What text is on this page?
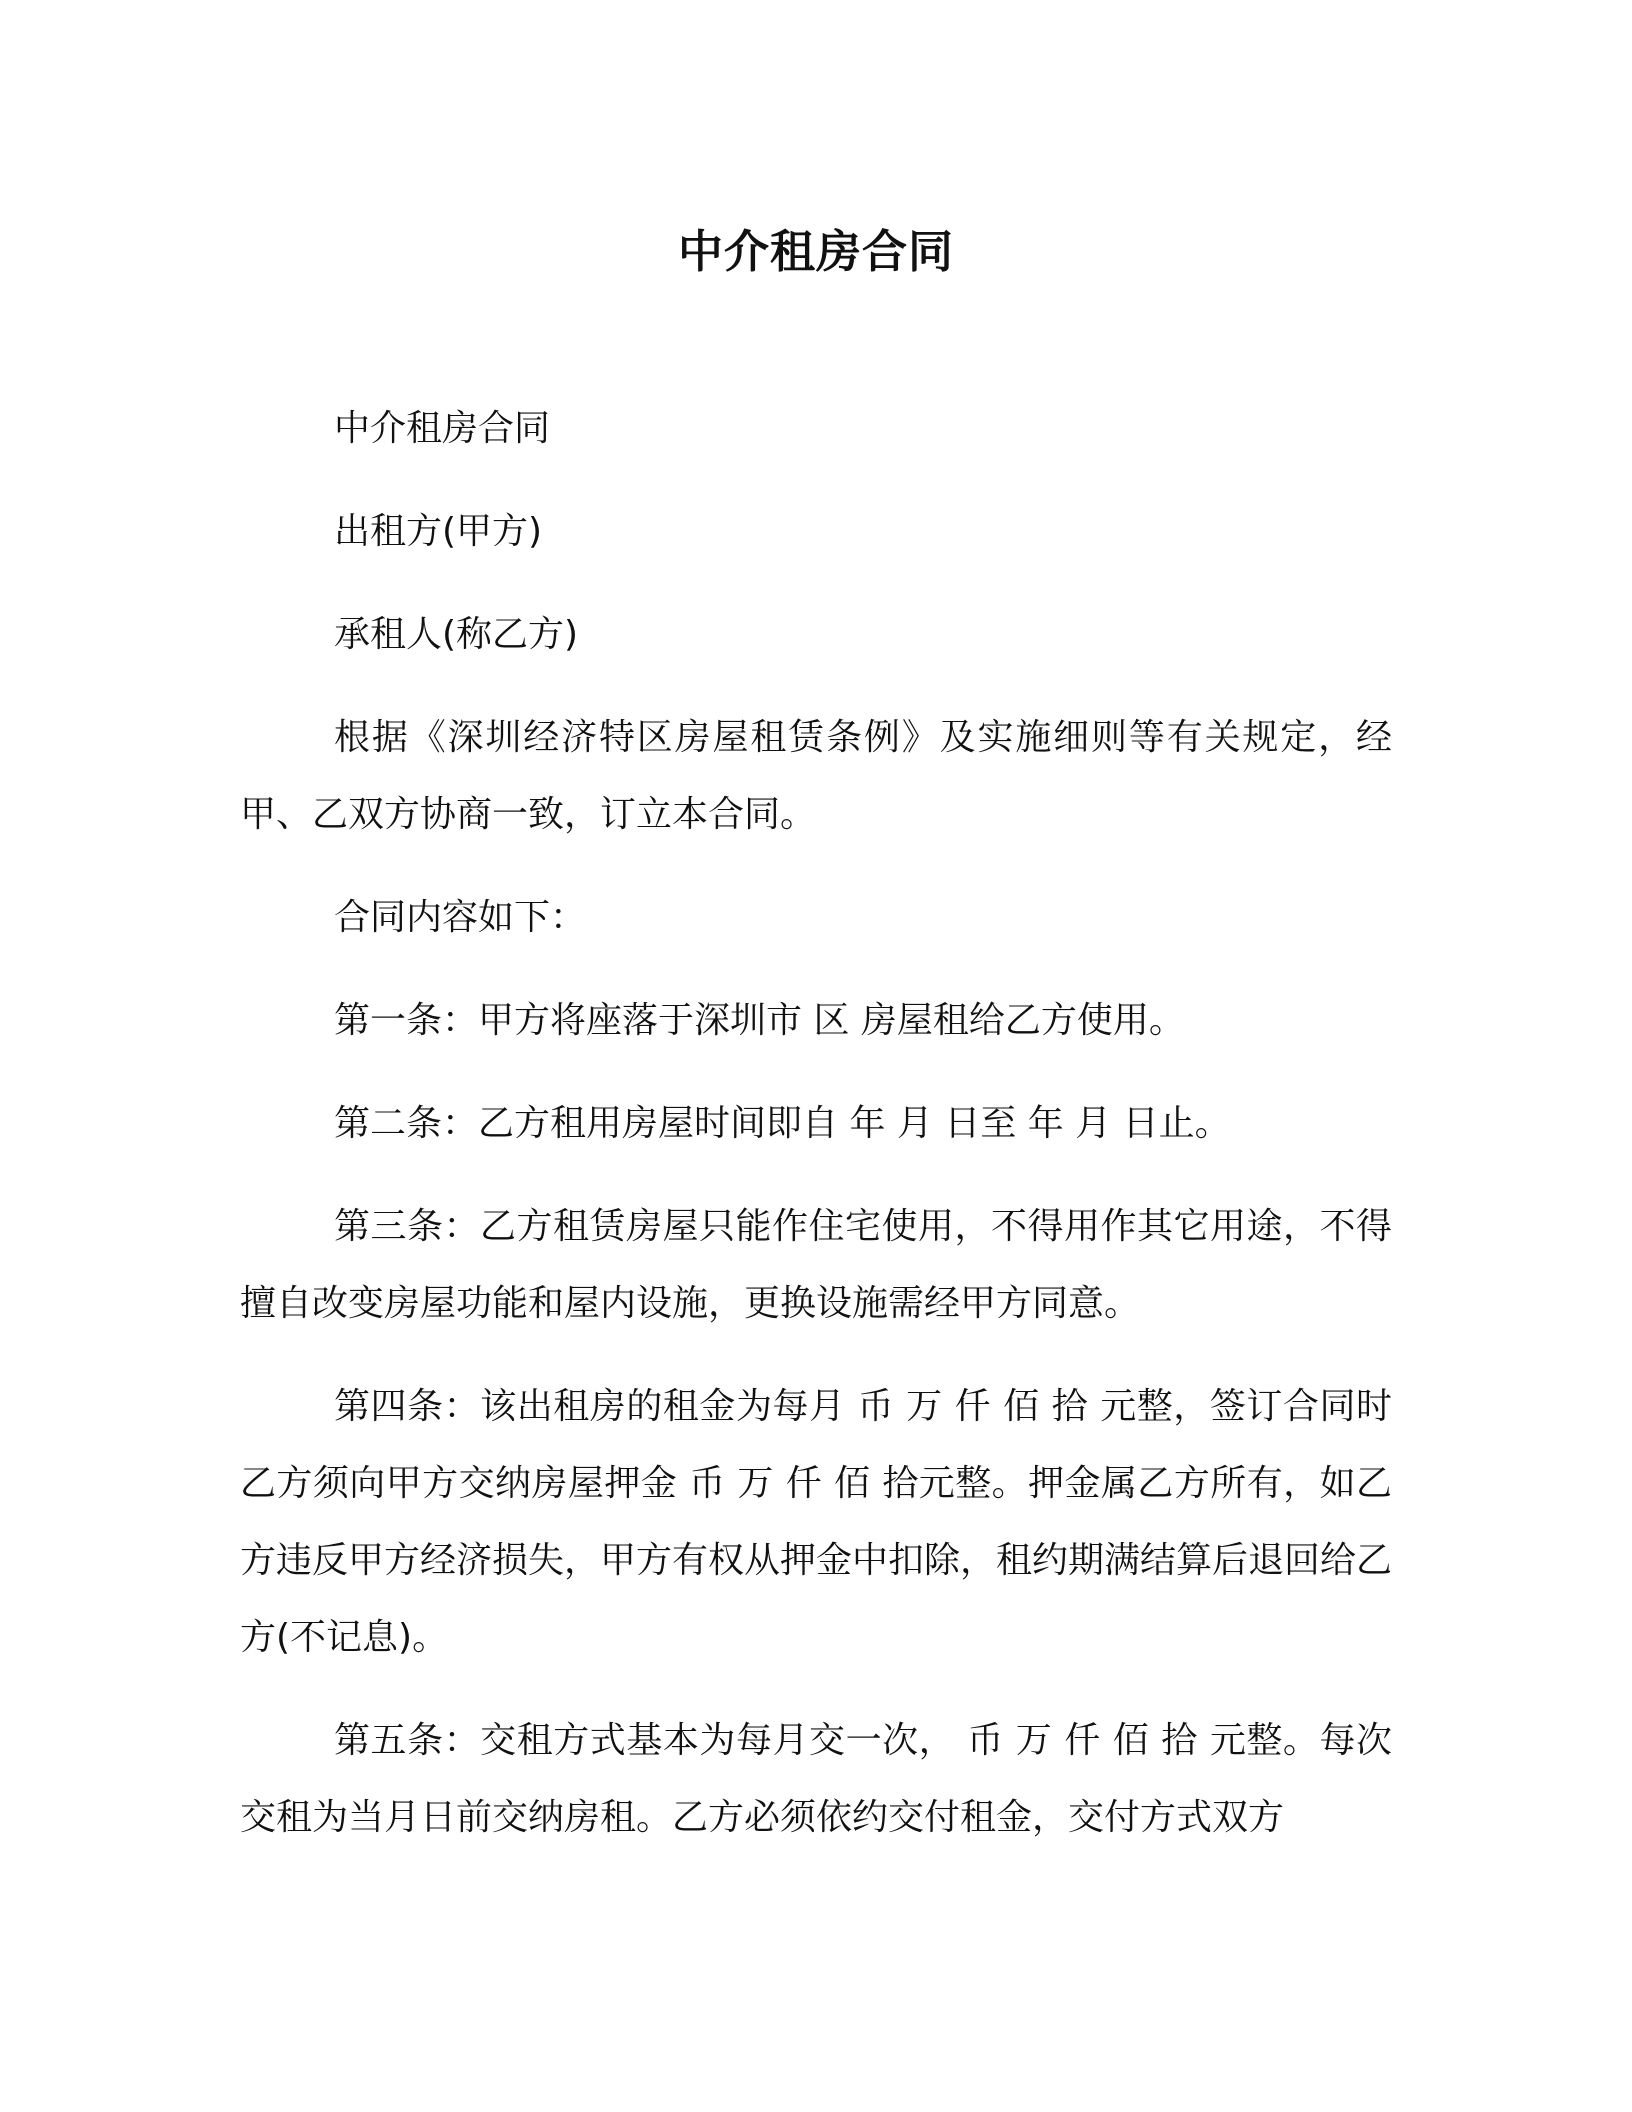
中介租房合同

中介租房合同

出租方(甲方)

承租人(称乙方)

根据《深圳经济特区房屋租赁条例》及实施细则等有关规定，经甲、乙双方协商一致，订立本合同。

合同内容如下：

第一条：甲方将座落于深圳市 区 房屋租给乙方使用。

第二条：乙方租用房屋时间即自 年 月 日至 年 月 日止。

第三条：乙方租赁房屋只能作住宅使用，不得用作其它用途，不得擅自改变房屋功能和屋内设施，更换设施需经甲方同意。

第四条：该出租房的租金为每月 币 万 仟 佰 拾 元整，签订合同时乙方须向甲方交纳房屋押金 币 万 仟 佰 拾元整。押金属乙方所有，如乙方违反甲方经济损失，甲方有权从押金中扣除，租约期满结算后退回给乙方(不记息)。

第五条：交租方式基本为每月交一次， 币 万 仟 佰 拾 元整。每次交租为当月日前交纳房租。乙方必须依约交付租金，交付方式双方
